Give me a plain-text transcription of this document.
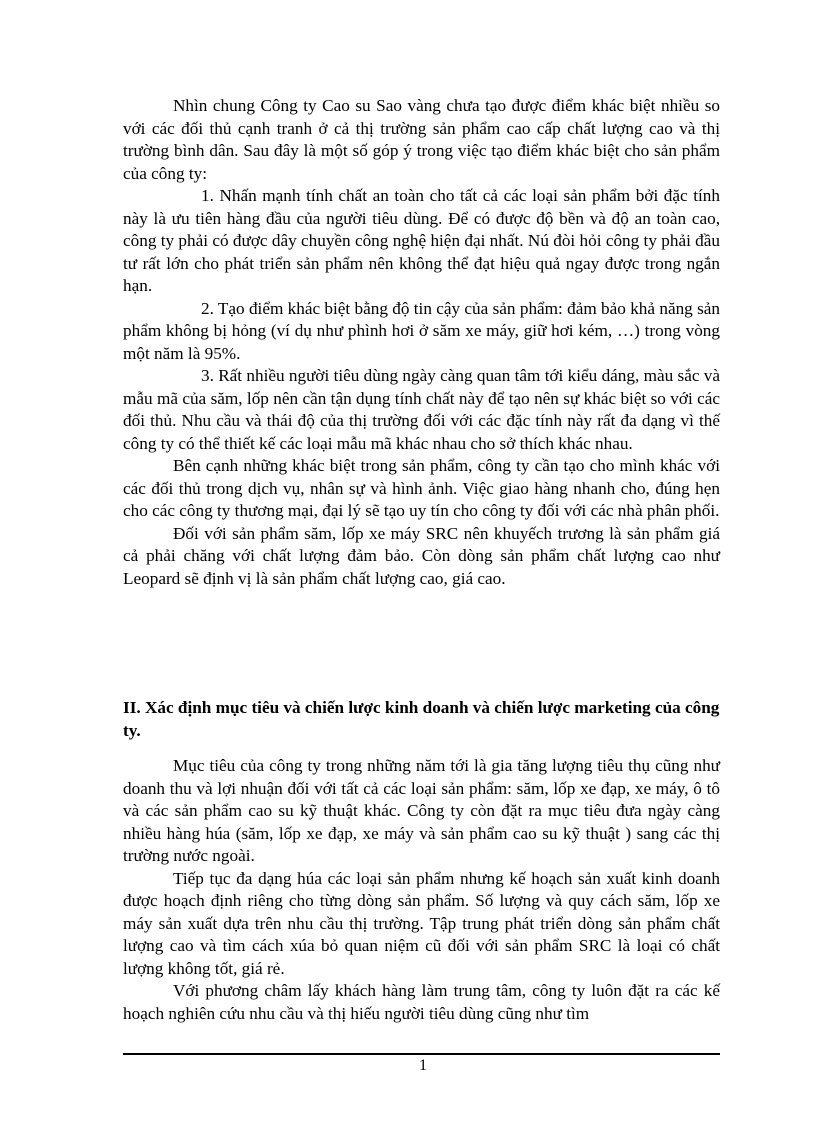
Nhìn chung Công ty Cao su Sao vàng chưa tạo được điểm khác biệt nhiều so với các đối thủ cạnh tranh ở cả thị trường sản phẩm cao cấp chất lượng cao và thị trường bình dân. Sau đây là một số góp ý trong việc tạo điểm khác biệt cho sản phẩm của công ty:

1. Nhấn mạnh tính chất an toàn cho tất cả các loại sản phẩm bởi đặc tính này là ưu tiên hàng đầu của người tiêu dùng. Để có được độ bền và độ an toàn cao, công ty phải có được dây chuyền công nghệ hiện đại nhất. Nú đòi hỏi công ty phải đầu tư rất lớn cho phát triển sản phẩm nên không thể đạt hiệu quả ngay được trong ngắn hạn.

2. Tạo điểm khác biệt bằng độ tin cậy của sản phẩm: đảm bảo khả năng sản phẩm không bị hỏng (ví dụ như phình hơi ở săm xe máy, giữ hơi kém, …) trong vòng một năm là 95%.

3. Rất nhiều người tiêu dùng ngày càng quan tâm tới kiểu dáng, màu sắc và mẫu mã của săm, lốp nên cần tận dụng tính chất này để tạo nên sự khác biệt so với các đối thủ. Nhu cầu và thái độ của thị trường đối với các đặc tính này rất đa dạng vì thế công ty có thể thiết kế các loại mẫu mã khác nhau cho sở thích khác nhau.

Bên cạnh những khác biệt trong sản phẩm, công ty cần tạo cho mình khác với các đối thủ trong dịch vụ, nhân sự và hình ảnh. Việc giao hàng nhanh cho, đúng hẹn cho các công ty thương mại, đại lý sẽ tạo uy tín cho công ty đối với các nhà phân phối.

Đối với sản phẩm săm, lốp xe máy SRC nên khuyếch trương là sản phẩm giá cả phải chăng với chất lượng đảm bảo. Còn dòng sản phẩm chất lượng cao như Leopard sẽ định vị là sản phẩm chất lượng cao, giá cao.

II. Xác định mục tiêu và chiến lược kinh doanh và chiến lược marketing của công ty.

Mục tiêu của công ty trong những năm tới là gia tăng lượng tiêu thụ cũng như doanh thu và lợi nhuận đối với tất cả các loại sản phẩm: săm, lốp xe đạp, xe máy, ô tô và các sản phẩm cao su kỹ thuật khác. Công ty còn đặt ra mục tiêu đưa ngày càng nhiều hàng húa (săm, lốp xe đạp, xe máy và sản phẩm cao su kỹ thuật ) sang các thị trường nước ngoài.

Tiếp tục đa dạng húa các loại sản phẩm nhưng kế hoạch sản xuất kinh doanh được hoạch định riêng cho từng dòng sản phẩm. Số lượng và quy cách săm, lốp xe máy sản xuất dựa trên nhu cầu thị trường. Tập trung phát triển dòng sản phẩm chất lượng cao và tìm cách xúa bỏ quan niệm cũ đối với sản phẩm SRC là loại có chất lượng không tốt, giá rẻ.

Với phương châm lấy khách hàng làm trung tâm, công ty luôn đặt ra các kế hoạch nghiên cứu nhu cầu và thị hiếu người tiêu dùng cũng như tìm

1
